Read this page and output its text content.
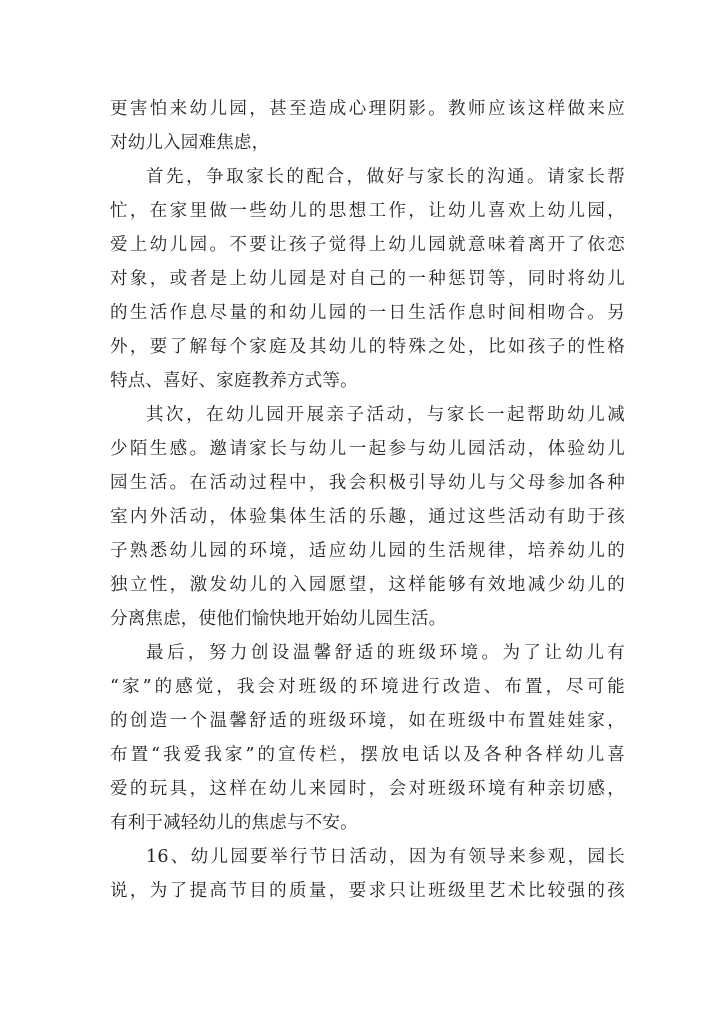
更害怕来幼儿园，甚至造成心理阴影。教师应该这样做来应
对幼儿入园难焦虑，
首先，争取家长的配合，做好与家长的沟通。请家长帮
忙，在家里做一些幼儿的思想工作，让幼儿喜欢上幼儿园，
爱上幼儿园。不要让孩子觉得上幼儿园就意味着离开了依恋
对象，或者是上幼儿园是对自己的一种惩罚等，同时将幼儿
的生活作息尽量的和幼儿园的一日生活作息时间相吻合。另
外，要了解每个家庭及其幼儿的特殊之处，比如孩子的性格
特点、喜好、家庭教养方式等。
其次，在幼儿园开展亲子活动，与家长一起帮助幼儿减
少陌生感。邀请家长与幼儿一起参与幼儿园活动，体验幼儿
园生活。在活动过程中，我会积极引导幼儿与父母参加各种
室内外活动，体验集体生活的乐趣，通过这些活动有助于孩
子熟悉幼儿园的环境，适应幼儿园的生活规律，培养幼儿的
独立性，激发幼儿的入园愿望，这样能够有效地减少幼儿的
分离焦虑，使他们愉快地开始幼儿园生活。
最后，努力创设温馨舒适的班级环境。为了让幼儿有
“家”的感觉，我会对班级的环境进行改造、布置，尽可能
的创造一个温馨舒适的班级环境，如在班级中布置娃娃家，
布置“我爱我家”的宣传栏，摆放电话以及各种各样幼儿喜
爱的玩具，这样在幼儿来园时，会对班级环境有种亲切感，
有利于减轻幼儿的焦虑与不安。
16、幼儿园要举行节日活动，因为有领导来参观，园长
说，为了提高节目的质量，要求只让班级里艺术比较强的孩
